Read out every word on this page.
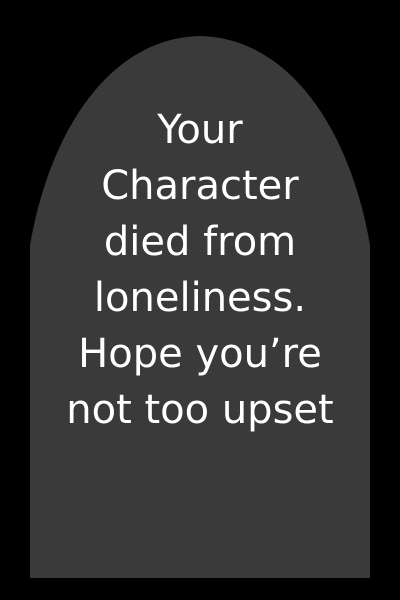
Your
Character
died from
loneliness.
Hope you’re
not too upset
